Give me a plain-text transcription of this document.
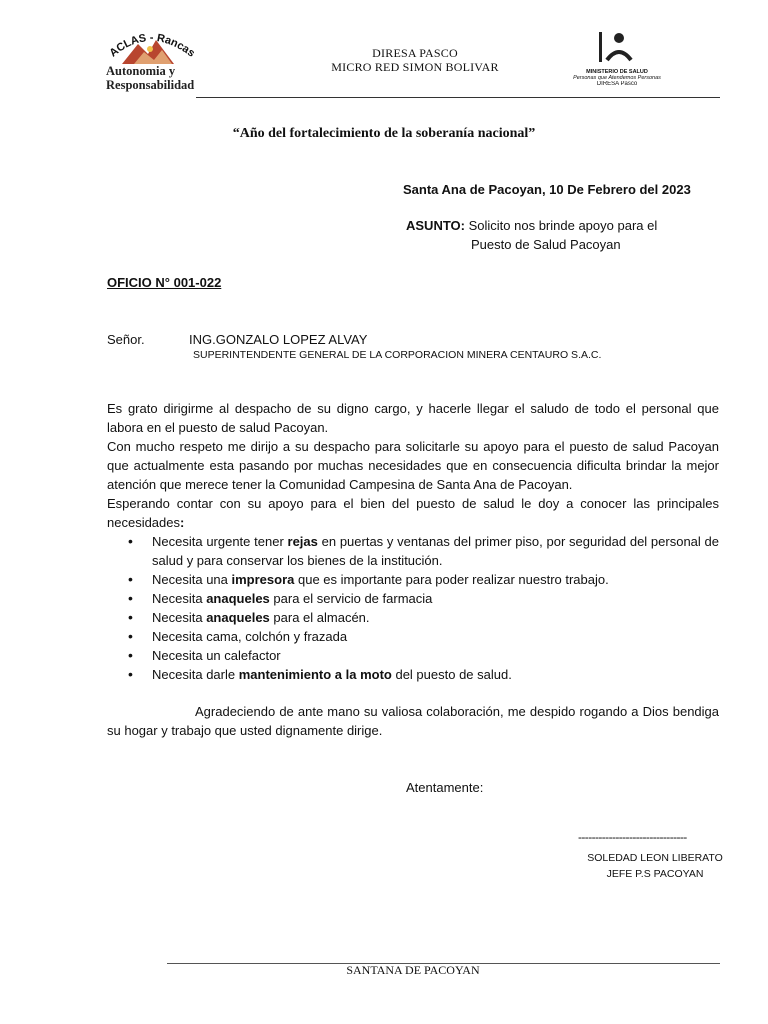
ACLAS - Rancas
Autonomia y
Responsabilidad
DIRESA PASCO
MICRO RED SIMON BOLIVAR	MINISTERIO DE SALUD
Personas que Atendemos Personas
DIRESA Pasco
“Año del fortalecimiento de la soberanía nacional”
Santa Ana de Pacoyan, 10 De Febrero del 2023
ASUNTO: Solicito nos brinde apoyo para el
Puesto de Salud Pacoyan
OFICIO N° 001-022
Señor.	ING.GONZALO LOPEZ ALVAY
SUPERINTENDENTE GENERAL DE LA CORPORACION MINERA CENTAURO S.A.C.

Es grato dirigirme al despacho de su digno cargo, y hacerle llegar el saludo de todo el personal que labora en el puesto de salud Pacoyan.

Con mucho respeto me dirijo a su despacho para solicitarle su apoyo para el puesto de salud Pacoyan que actualmente esta pasando por muchas necesidades que en consecuencia dificulta brindar la mejor atención que merece tener la Comunidad Campesina de Santa Ana de Pacoyan.

Esperando contar con su apoyo para el bien del puesto de salud le doy a conocer las principales necesidades:

• Necesita urgente tener rejas en puertas y ventanas del primer piso, por seguridad del personal de salud y para conservar los bienes de la institución.
• Necesita una impresora que es importante para poder realizar nuestro trabajo.
• Necesita anaqueles para el servicio de farmacia
• Necesita anaqueles para el almacén.
• Necesita cama, colchón y frazada
• Necesita un calefactor
• Necesita darle mantenimiento a la moto del puesto de salud.

Agradeciendo de ante mano su valiosa colaboración, me despido rogando a Dios bendiga su hogar y trabajo que usted dignamente dirige.

Atentamente:
--------------------------------
SOLEDAD LEON LIBERATO
JEFE P.S PACOYAN
SANTANA DE PACOYAN
